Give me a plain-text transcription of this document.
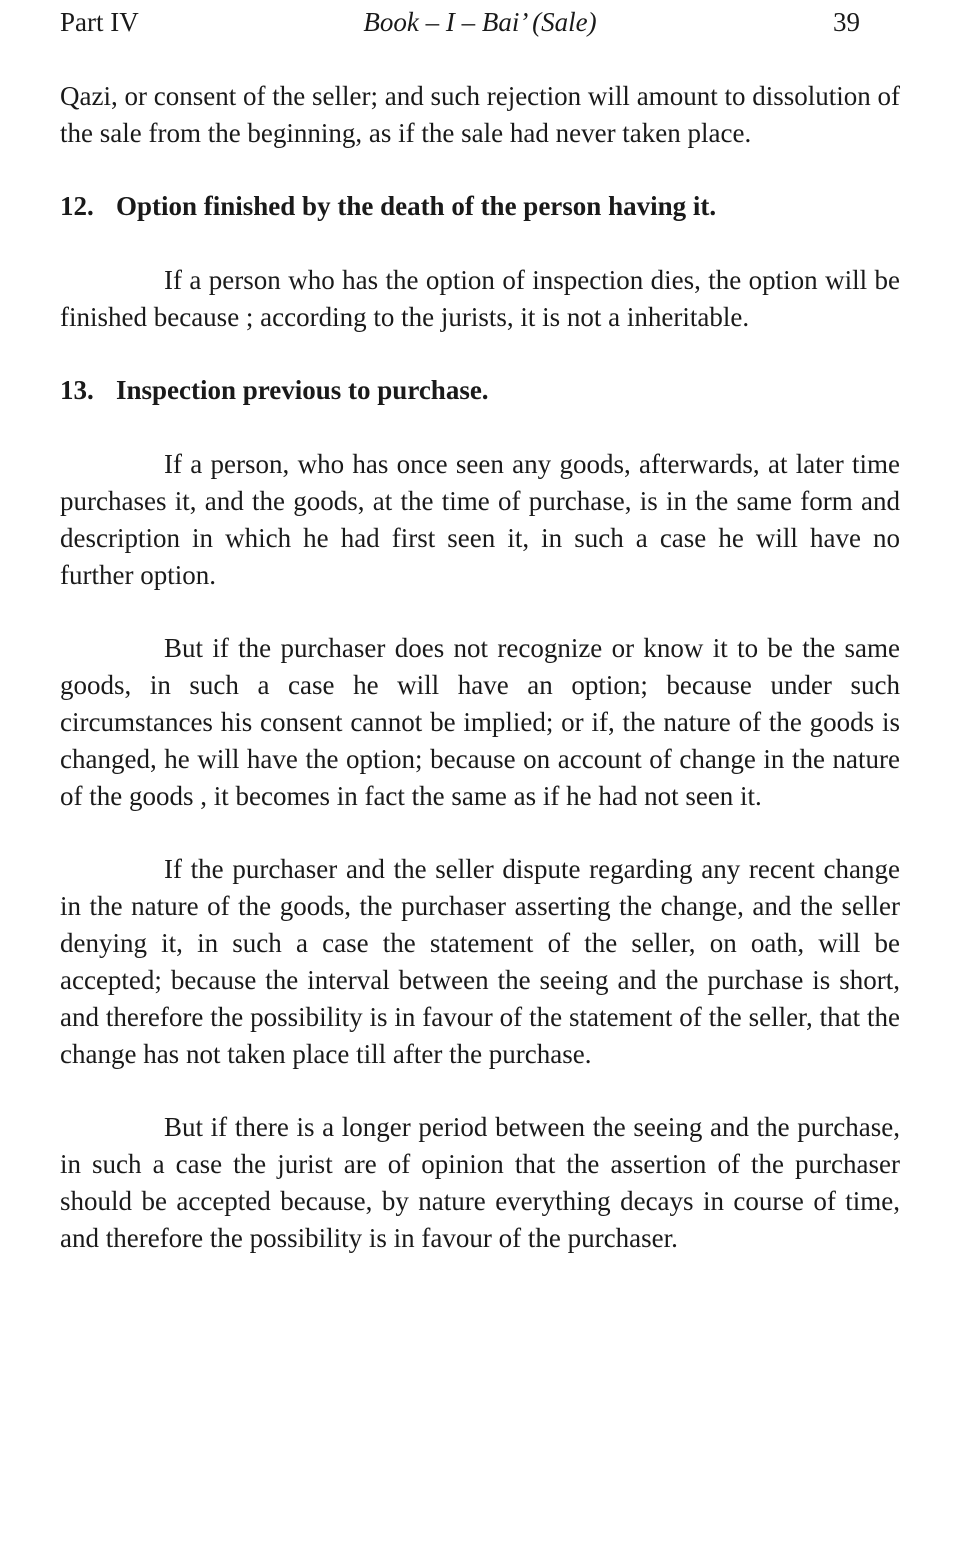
Part IV	Book – I – Bai’ (Sale)	39

Qazi, or consent of the seller; and such rejection will amount to dissolution of the sale from the beginning, as if the sale had never taken place.

12. Option finished by the death of the person having it.

If a person who has the option of inspection dies, the option will be finished because ; according to the jurists, it is not a inheritable.

13. Inspection previous to purchase.

If a person, who has once seen any goods, afterwards, at later time purchases it, and the goods, at the time of purchase, is in the same form and description in which he had first seen it, in such a case he will have no further option.

But if the purchaser does not recognize or know it to be the same goods, in such a case he will have an option; because under such circumstances his consent cannot be implied; or if, the nature of the goods is changed, he will have the option; because on account of change in the nature of the goods , it becomes in fact the same as if he had not seen it.

If the purchaser and the seller dispute regarding any recent change in the nature of the goods, the purchaser asserting the change, and the seller denying it, in such a case the statement of the seller, on oath, will be accepted; because the interval between the seeing and the purchase is short, and therefore the possibility is in favour of the statement of the seller, that the change has not taken place till after the purchase.

But if there is a longer period between the seeing and the purchase, in such a case the jurist are of opinion that the assertion of the purchaser should be accepted because, by nature everything decays in course of time, and therefore the possibility is in favour of the purchaser.
